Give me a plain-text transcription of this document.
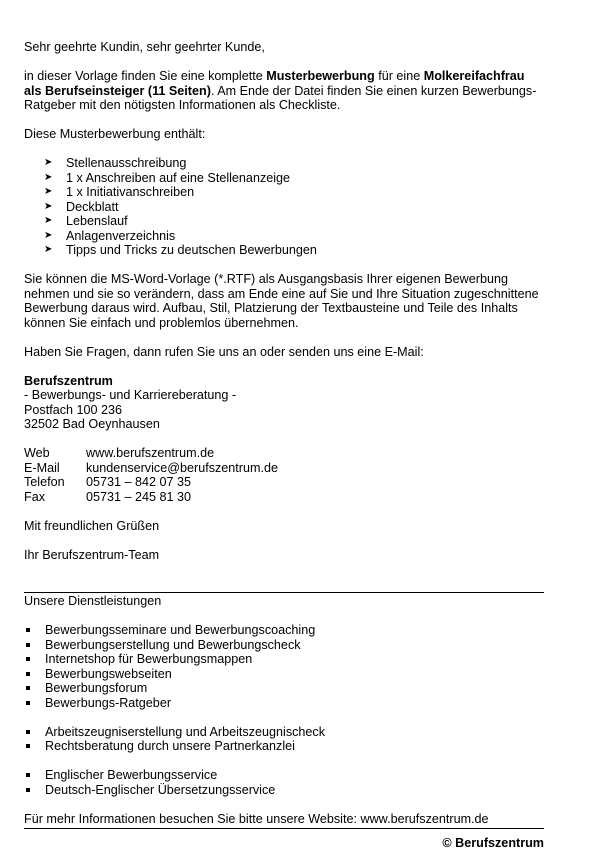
Sehr geehrte Kundin, sehr geehrter Kunde,

in dieser Vorlage finden Sie eine komplette Musterbewerbung für eine Molkereifachfrau als Berufseinsteiger (11 Seiten). Am Ende der Datei finden Sie einen kurzen Bewerbungs-Ratgeber mit den nötigsten Informationen als Checkliste.

Diese Musterbewerbung enthält:

➤ Stellenausschreibung
➤ 1 x Anschreiben auf eine Stellenanzeige
➤ 1 x Initiativanschreiben
➤ Deckblatt
➤ Lebenslauf
➤ Anlagenverzeichnis
➤ Tipps und Tricks zu deutschen Bewerbungen

Sie können die MS-Word-Vorlage (*.RTF) als Ausgangsbasis Ihrer eigenen Bewerbung nehmen und sie so verändern, dass am Ende eine auf Sie und Ihre Situation zugeschnittene Bewerbung daraus wird. Aufbau, Stil, Platzierung der Textbausteine und Teile des Inhalts können Sie einfach und problemlos übernehmen.

Haben Sie Fragen, dann rufen Sie uns an oder senden uns eine E-Mail:

Berufszentrum

- Bewerbungs- und Karriereberatung -

Postfach 100 236

32502 Bad Oeynhausen

Web	www.berufszentrum.de
E-Mail	kundenservice@berufszentrum.de
Telefon	05731 – 842 07 35
Fax	05731 – 245 81 30

Mit freundlichen Grüßen

Ihr Berufszentrum-Team

Unsere Dienstleistungen

Bewerbungsseminare und Bewerbungscoaching
Bewerbungserstellung und Bewerbungscheck
Internetshop für Bewerbungsmappen
Bewerbungswebseiten
Bewerbungsforum
Bewerbungs-Ratgeber
Arbeitszeugniserstellung und Arbeitszeugnischeck
Rechtsberatung durch unsere Partnerkanzlei
Englischer Bewerbungsservice
Deutsch-Englischer Übersetzungsservice

Für mehr Informationen besuchen Sie bitte unsere Website: www.berufszentrum.de

© Berufszentrum
